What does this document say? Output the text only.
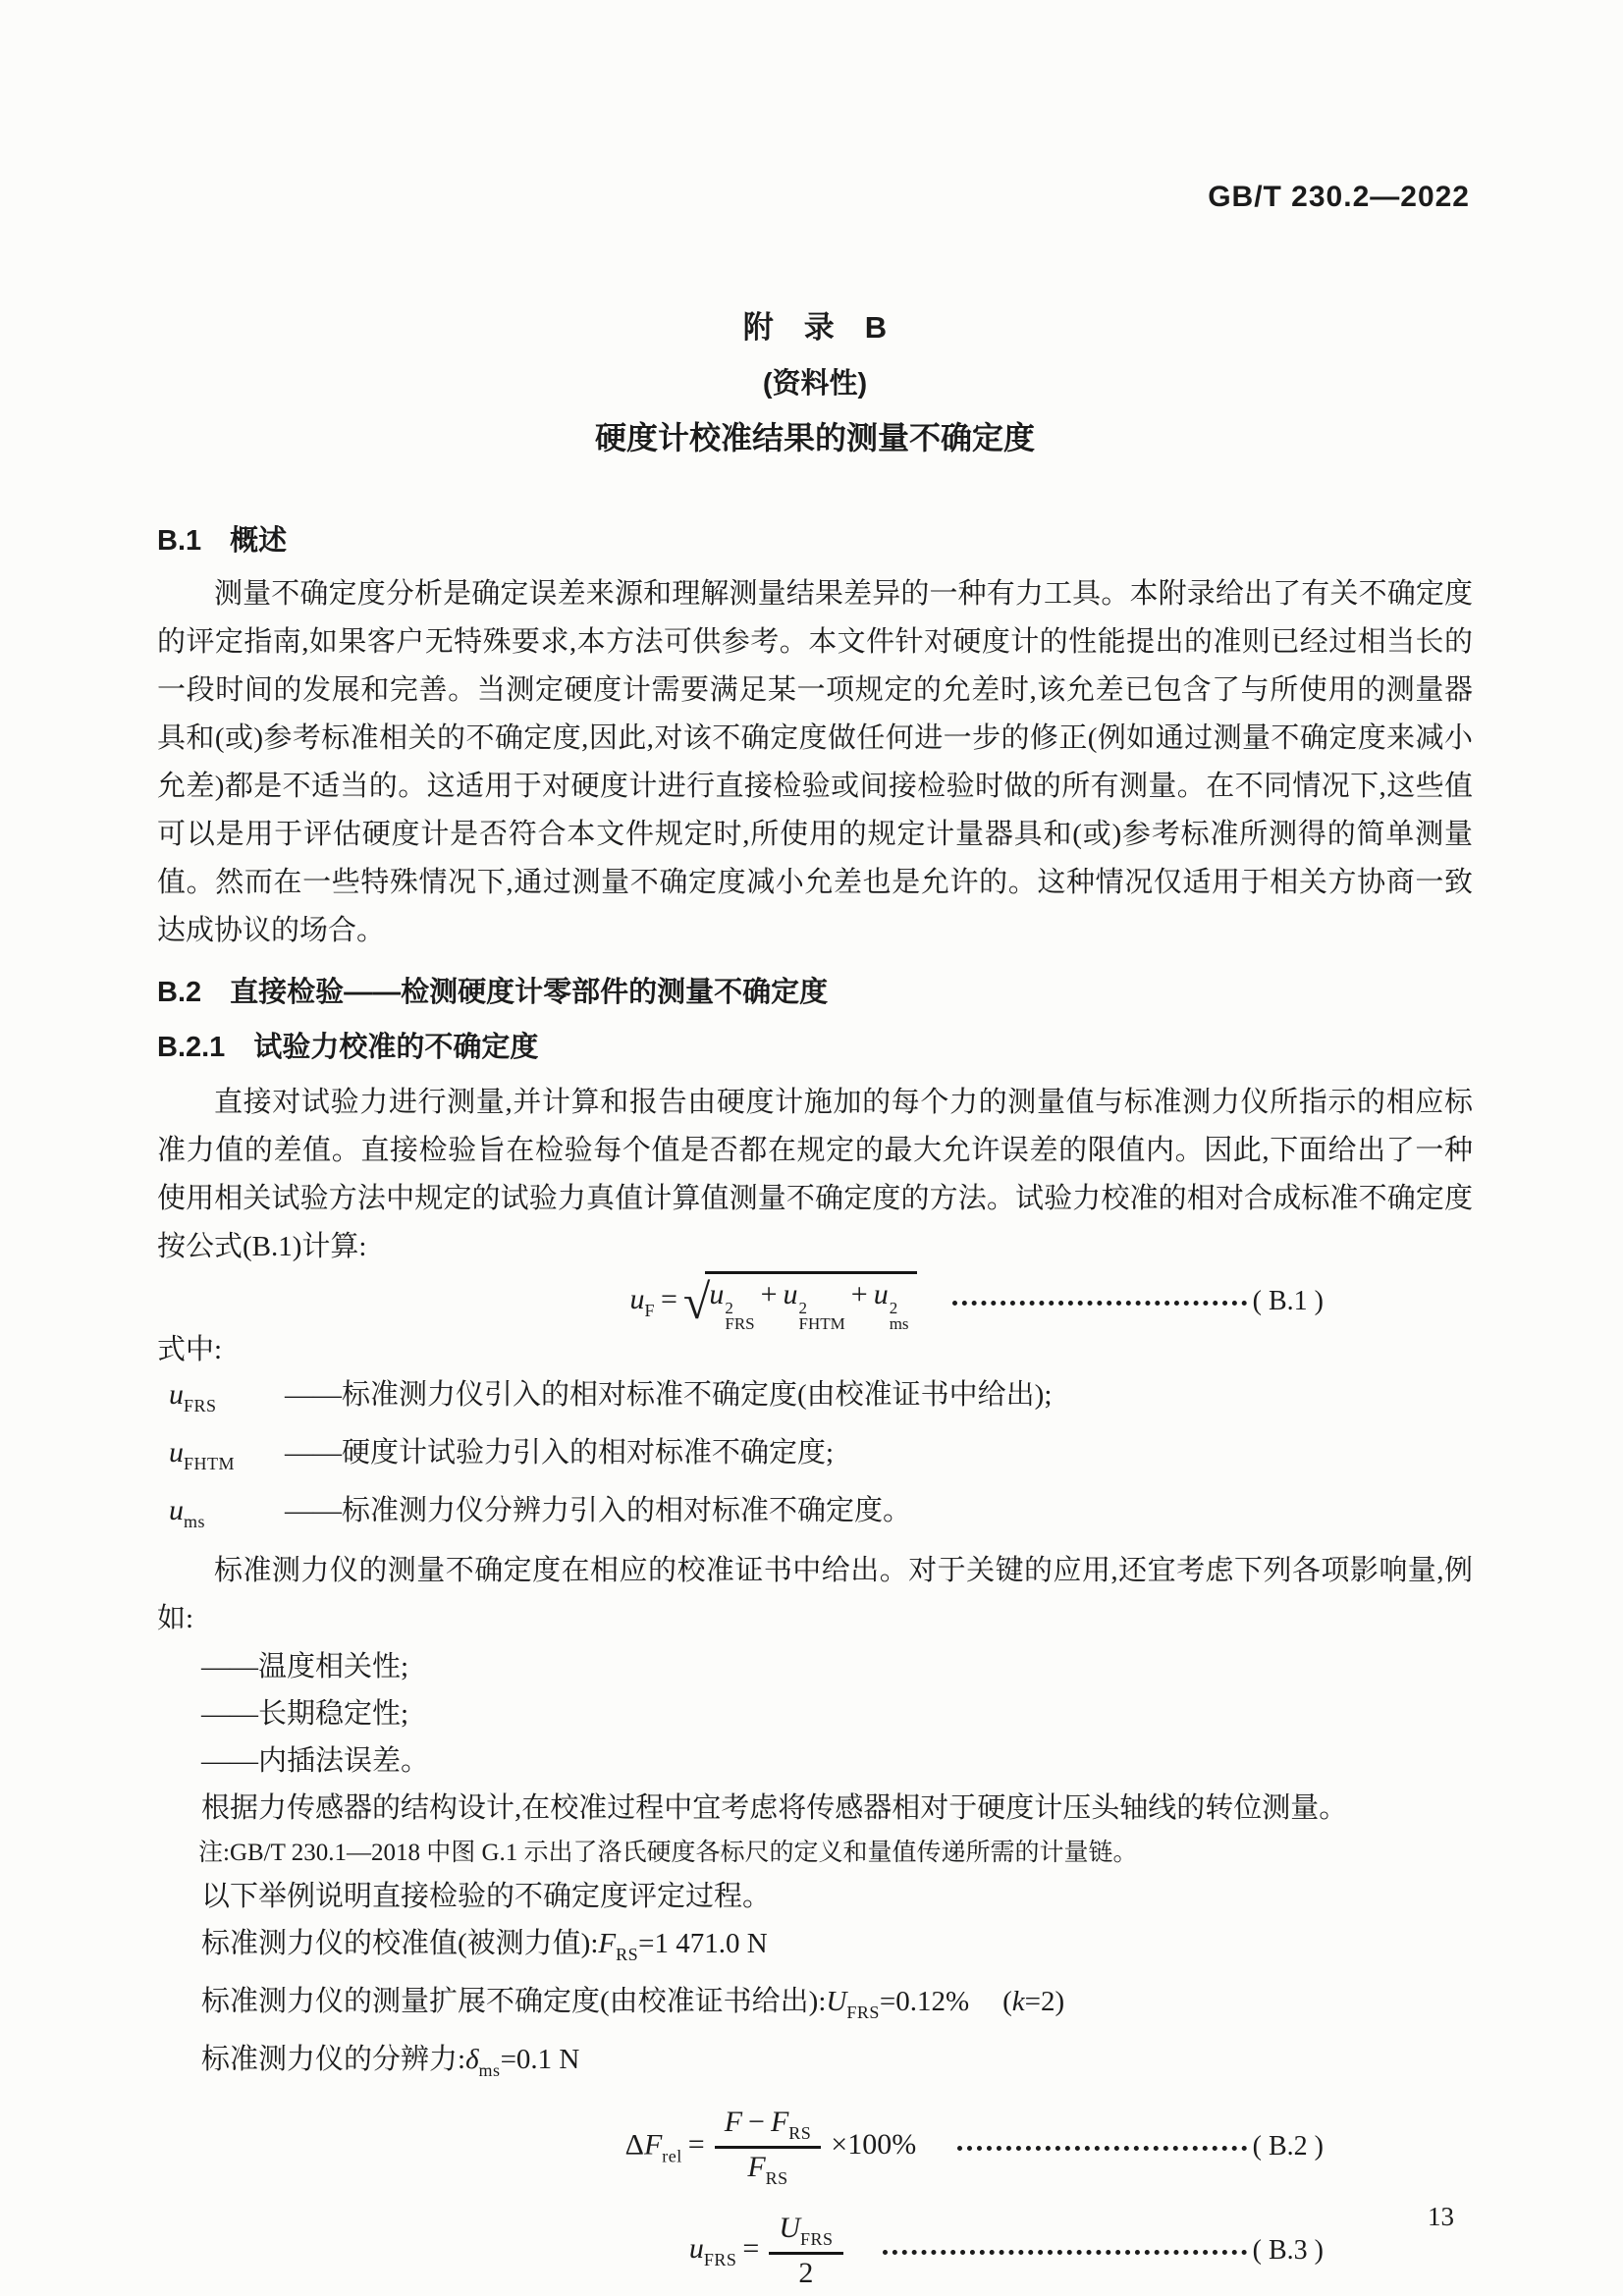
GB/T 230.2—2022
附　录　B
(资料性)
硬度计校准结果的测量不确定度
B.1　概述
测量不确定度分析是确定误差来源和理解测量结果差异的一种有力工具。本附录给出了有关不确定度的评定指南,如果客户无特殊要求,本方法可供参考。本文件针对硬度计的性能提出的准则已经过相当长的一段时间的发展和完善。当测定硬度计需要满足某一项规定的允差时,该允差已包含了与所使用的测量器具和(或)参考标准相关的不确定度,因此,对该不确定度做任何进一步的修正(例如通过测量不确定度来减小允差)都是不适当的。这适用于对硬度计进行直接检验或间接检验时做的所有测量。在不同情况下,这些值可以是用于评估硬度计是否符合本文件规定时,所使用的规定计量器具和(或)参考标准所测得的简单测量值。然而在一些特殊情况下,通过测量不确定度减小允差也是允许的。这种情况仅适用于相关方协商一致达成协议的场合。
B.2　直接检验——检测硬度计零部件的测量不确定度
B.2.1　试验力校准的不确定度
直接对试验力进行测量,并计算和报告由硬度计施加的每个力的测量值与标准测力仪所指示的相应标准力值的差值。直接检验旨在检验每个值是否都在规定的最大允许误差的限值内。因此,下面给出了一种使用相关试验方法中规定的试验力真值计算值测量不确定度的方法。试验力校准的相对合成标准不确定度按公式(B.1)计算:
$u_F$ = √ u 2
FRS
+ u 2
FHTM
+ u 2
ms
( B.1 )
式中:
$u_{FRS}$	——标准测力仪引入的相对标准不确定度(由校准证书中给出);
$u_{FHTM}$	——硬度计试验力引入的相对标准不确定度;
$u_{ms}$	——标准测力仪分辨力引入的相对标准不确定度。
标准测力仪的测量不确定度在相应的校准证书中给出。对于关键的应用,还宜考虑下列各项影响量,例如:
——温度相关性;
——长期稳定性;
——内插法误差。
根据力传感器的结构设计,在校准过程中宜考虑将传感器相对于硬度计压头轴线的转位测量。
注:GB/T 230.1—2018 中图 G.1 示出了洛氏硬度各标尺的定义和量值传递所需的计量链。
以下举例说明直接检验的不确定度评定过程。
标准测力仪的校准值(被测力值)$:F_{RS}=1$ 471.0 N
标准测力仪的测量扩展不确定度(由校准证书给出)$:U_{FRS}=0.12\%$ (k=2)
标准测力仪的分辨力$:\delta_{ms}=0.1$ N
$\Delta F_{rel} = \frac{F - F_{RS}}{F_{RS}} \times 100\%$	( B.2 )
$u_{FRS} = \frac{U_{FRS}}{2}$	( B.3 )
13
